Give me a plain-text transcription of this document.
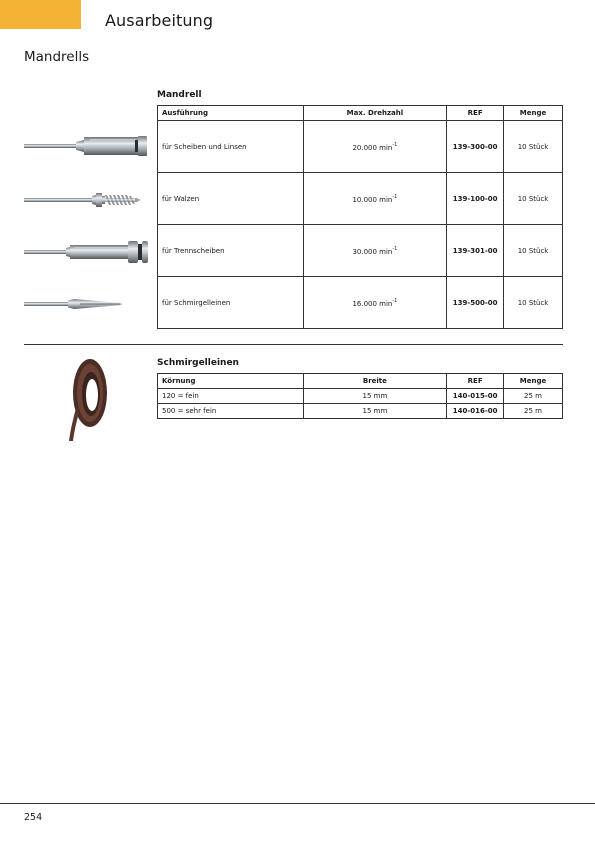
Ausarbeitung
Mandrells
Mandrell
Ausführung	Max. Drehzahl	REF	Menge
für Scheiben und Linsen	20.000 $\min^{-1}$	139-300-00	10 Stück
für Walzen	10.000 $\min^{-1}$	139-100-00	10 Stück
für Trennscheiben	30.000 $\min^{-1}$	139-301-00	10 Stück
für Schmirgelleinen	16.000 $\min^{-1}$	139-500-00	10 Stück
Schmirgelleinen
Körnung	Breite	REF	Menge
120 = fein	15 mm	140-015-00	25 m
500 = sehr fein	15 mm	140-016-00	25 m
254
